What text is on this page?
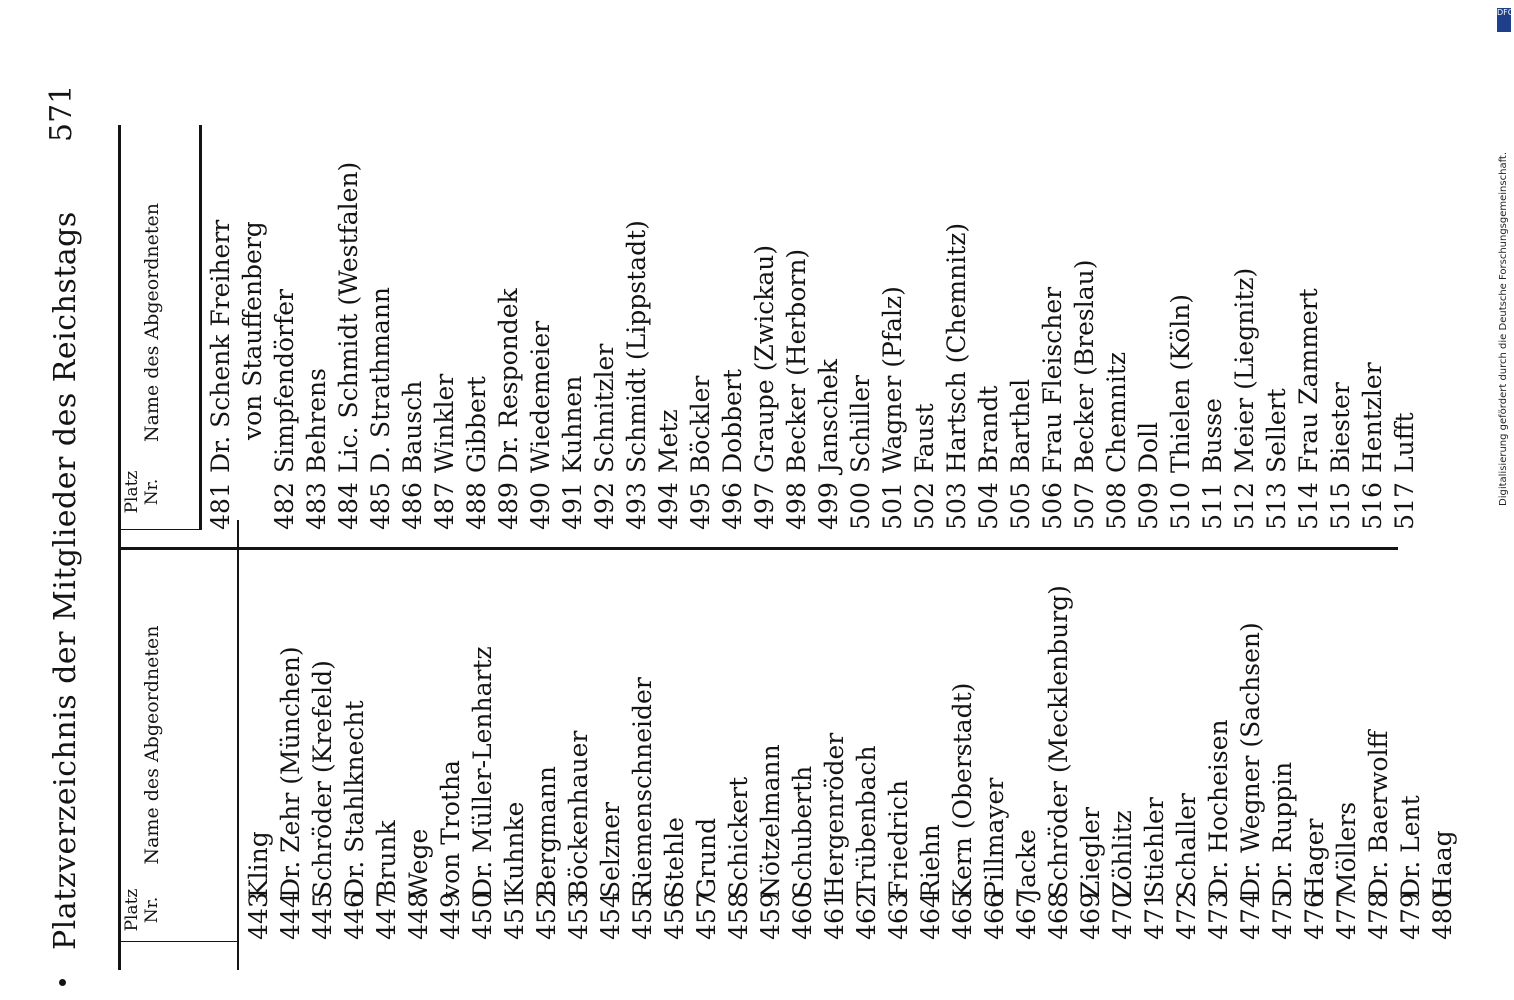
Platzverzeichnis der Mitglieder des Reichstags
571
Platz Nr.
Name des Abgeordneten
Platz Nr.
Name des Abgeordneten
443
Kling
444
Dr. Zehr (München)
445
Schröder (Krefeld)
446
Dr. Stahlknecht
447
Brunk
448
Wege
449
von Trotha
450
Dr. Müller-Lenhartz
451
Kuhnke
452
Bergmann
453
Böckenhauer
454
Selzner
455
Riemenschneider
456
Stehle
457
Grund
458
Schickert
459
Nötzelmann
460
Schuberth
461
Hergenröder
462
Trübenbach
463
Friedrich
464
Riehn
465
Kern (Oberstadt)
466
Pillmayer
467
Jacke
468
Schröder (Mecklenburg)
469
Ziegler
470
Zöhlitz
471
Stiehler
472
Schaller
473
Dr. Hocheisen
474
Dr. Wegner (Sachsen)
475
Dr. Ruppin
476
Hager
477
Möllers
478
Dr. Baerwolff
479
Dr. Lent
480
Haag
481
Dr. Schenk Freiherr von Stauffenberg
482
Simpfendörfer
483
Behrens
484
Lic. Schmidt (Westfalen)
485
D. Strathmann
486
Bausch
487
Winkler
488
Gibbert
489
Dr. Respondek
490
Wiedemeier
491
Kuhnen
492
Schnitzler
493
Schmidt (Lippstadt)
494
Metz
495
Böckler
496
Dobbert
497
Graupe (Zwickau)
498
Becker (Herborn)
499
Janschek
500
Schiller
501
Wagner (Pfalz)
502
Faust
503
Hartsch (Chemnitz)
504
Brandt
505
Barthel
506
Frau Fleischer
507
Becker (Breslau)
508
Chemnitz
509
Doll
510
Thielen (Köln)
511
Busse
512
Meier (Liegnitz)
513
Sellert
514
Frau Zammert
515
Biester
516
Hentzler
517
Lufft
DFG
Digitalisierung gefördert durch die Deutsche Forschungsgemeinschaft.
